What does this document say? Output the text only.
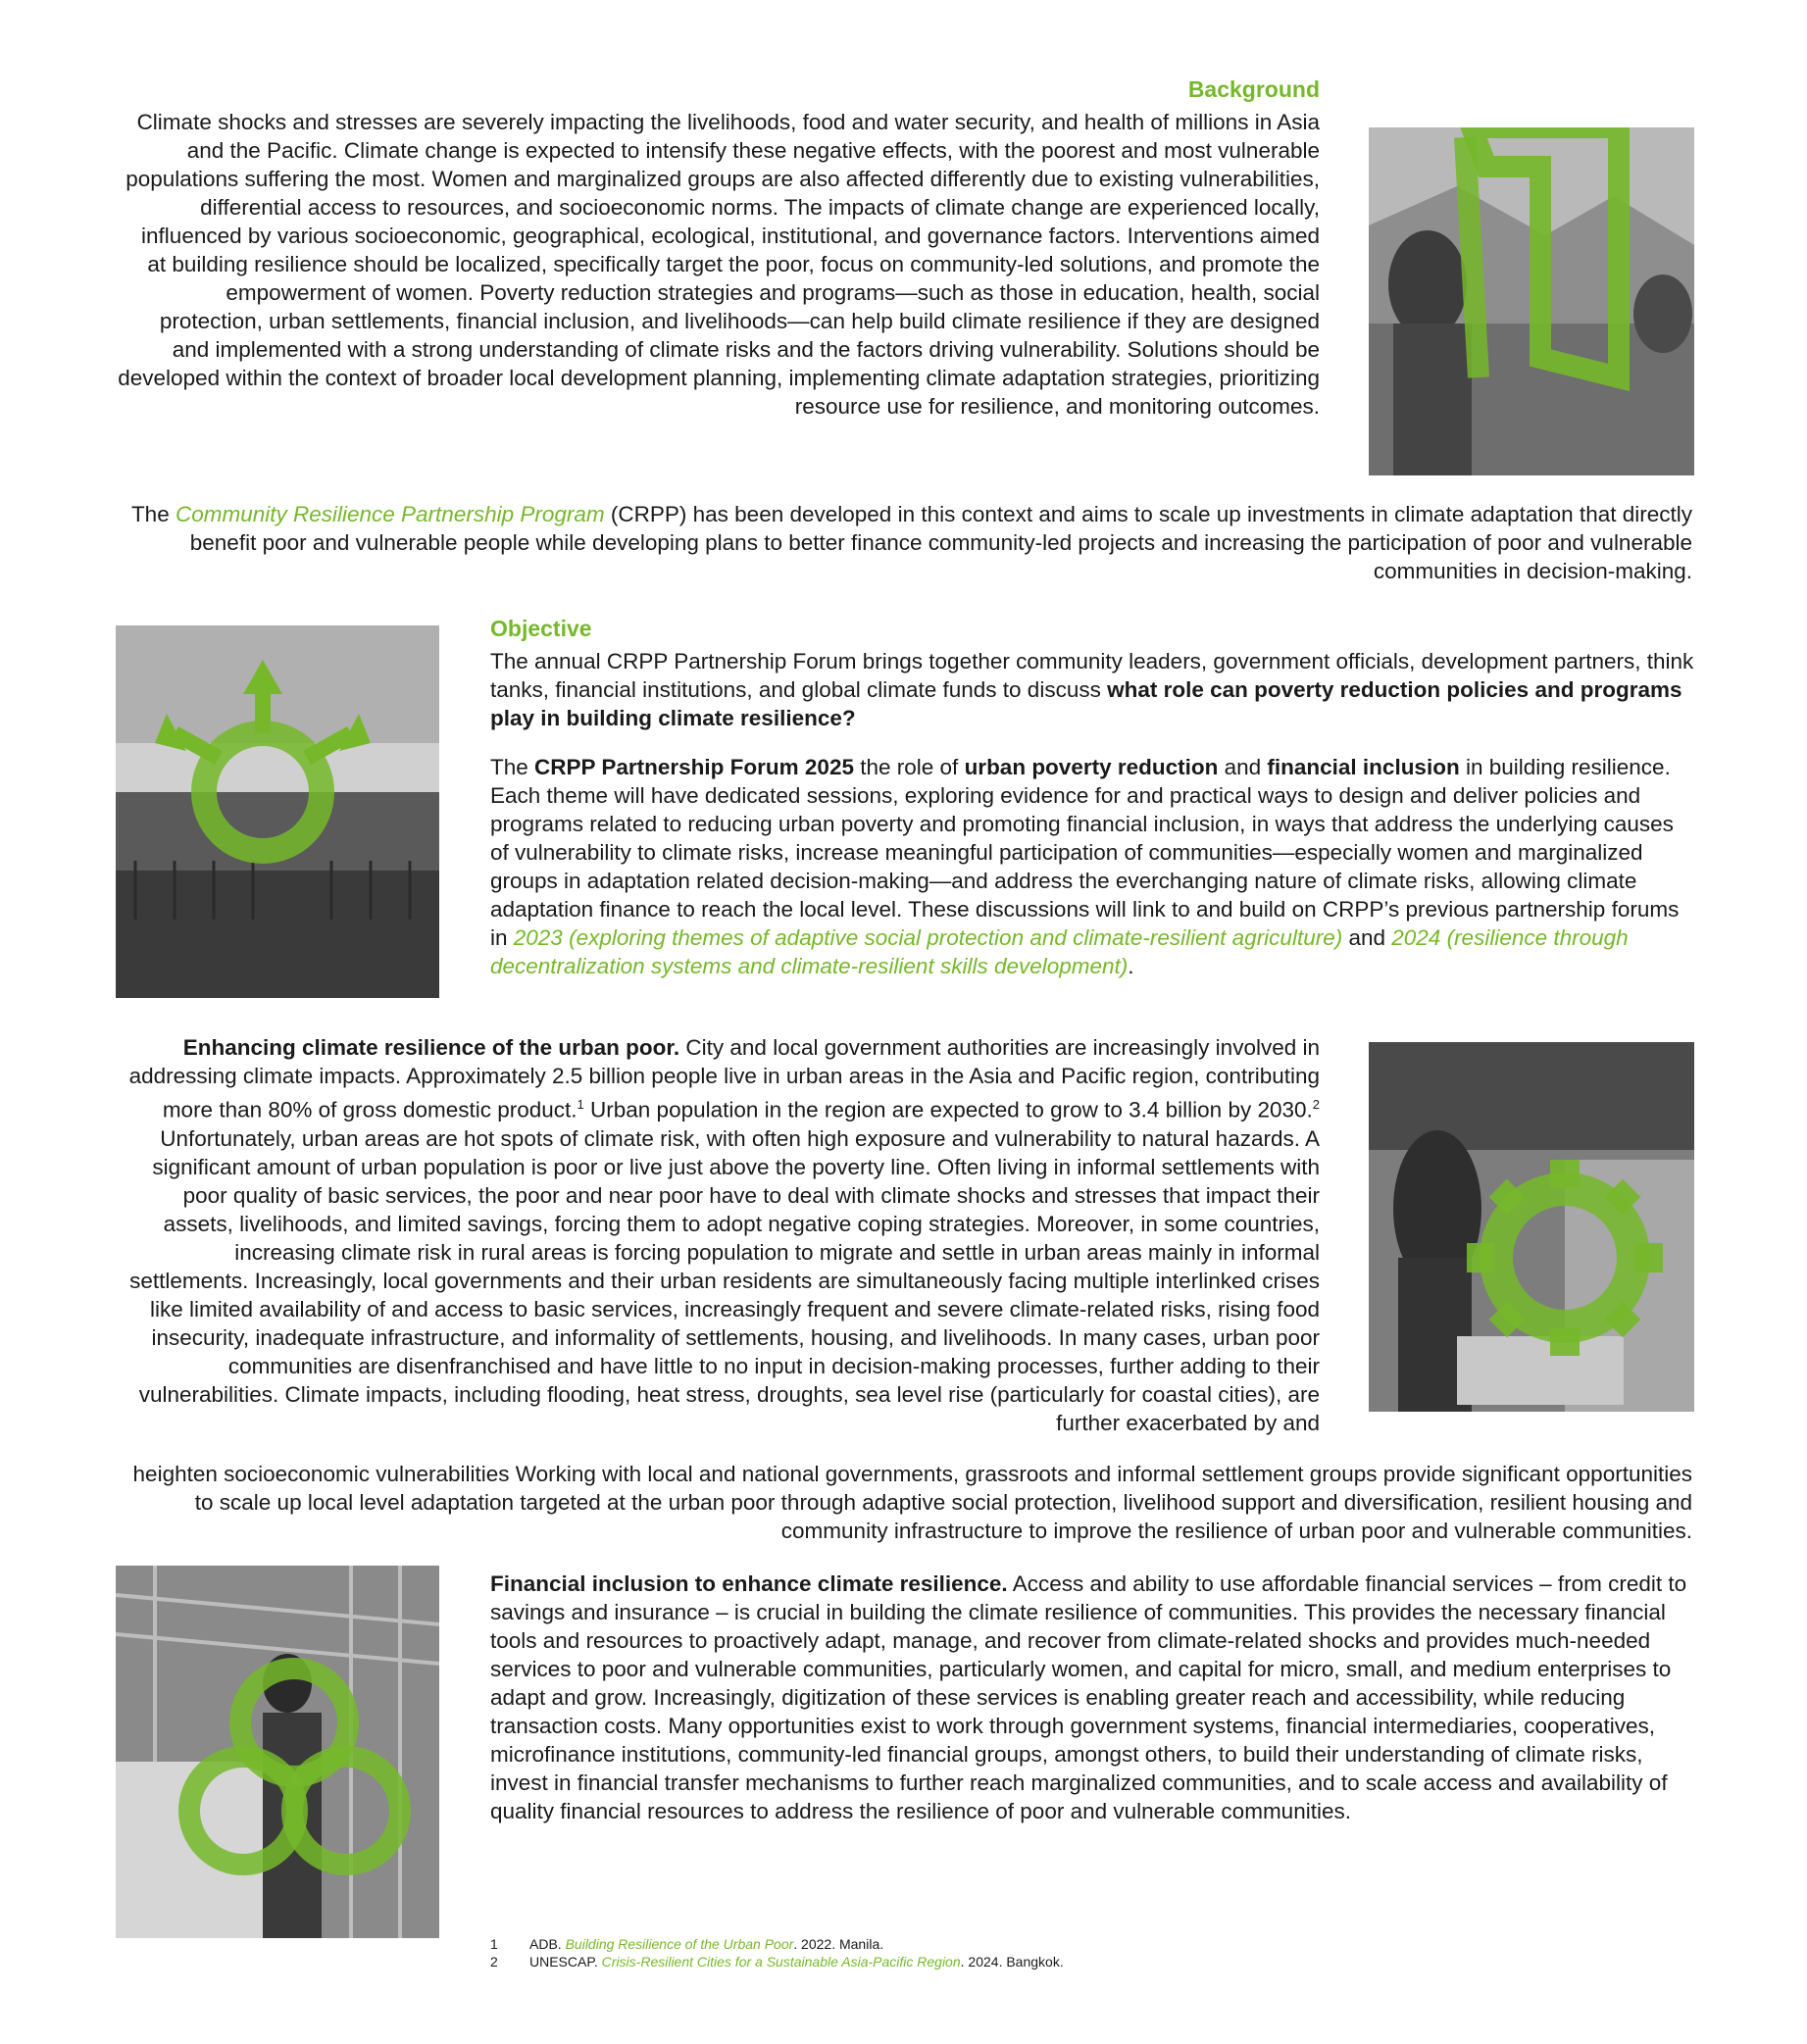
Background
Climate shocks and stresses are severely impacting the livelihoods, food and water security, and health of millions in Asia and the Pacific. Climate change is expected to intensify these negative effects, with the poorest and most vulnerable populations suffering the most. Women and marginalized groups are also affected differently due to existing vulnerabilities, differential access to resources, and socioeconomic norms. The impacts of climate change are experienced locally, influenced by various socioeconomic, geographical, ecological, institutional, and governance factors. Interventions aimed at building resilience should be localized, specifically target the poor, focus on community-led solutions, and promote the empowerment of women. Poverty reduction strategies and programs—such as those in education, health, social protection, urban settlements, financial inclusion, and livelihoods—can help build climate resilience if they are designed and implemented with a strong understanding of climate risks and the factors driving vulnerability. Solutions should be developed within the context of broader local development planning, implementing climate adaptation strategies, prioritizing resource use for resilience, and monitoring outcomes.
The Community Resilience Partnership Program (CRPP) has been developed in this context and aims to scale up investments in climate adaptation that directly benefit poor and vulnerable people while developing plans to better finance community-led projects and increasing the participation of poor and vulnerable communities in decision-making.
Objective
The annual CRPP Partnership Forum brings together community leaders, government officials, development partners, think tanks, financial institutions, and global climate funds to discuss what role can poverty reduction policies and programs play in building climate resilience?
The CRPP Partnership Forum 2025 the role of urban poverty reduction and financial inclusion in building resilience. Each theme will have dedicated sessions, exploring evidence for and practical ways to design and deliver policies and programs related to reducing urban poverty and promoting financial inclusion, in ways that address the underlying causes of vulnerability to climate risks, increase meaningful participation of communities—especially women and marginalized groups in adaptation related decision-making—and address the everchanging nature of climate risks, allowing climate adaptation finance to reach the local level. These discussions will link to and build on CRPP’s previous partnership forums in 2023 (exploring themes of adaptive social protection and climate-resilient agriculture) and 2024 (resilience through decentralization systems and climate-resilient skills development).
Enhancing climate resilience of the urban poor. City and local government authorities are increasingly involved in addressing climate impacts. Approximately 2.5 billion people live in urban areas in the Asia and Pacific region, contributing more than 80% of gross domestic product.$^1$ Urban population in the region are expected to grow to 3.4 billion by 2030.$^2$ Unfortunately, urban areas are hot spots of climate risk, with often high exposure and vulnerability to natural hazards. A significant amount of urban population is poor or live just above the poverty line. Often living in informal settlements with poor quality of basic services, the poor and near poor have to deal with climate shocks and stresses that impact their assets, livelihoods, and limited savings, forcing them to adopt negative coping strategies. Moreover, in some countries, increasing climate risk in rural areas is forcing population to migrate and settle in urban areas mainly in informal settlements. Increasingly, local governments and their urban residents are simultaneously facing multiple interlinked crises like limited availability of and access to basic services, increasingly frequent and severe climate-related risks, rising food insecurity, inadequate infrastructure, and informality of settlements, housing, and livelihoods. In many cases, urban poor communities are disenfranchised and have little to no input in decision-making processes, further adding to their vulnerabilities. Climate impacts, including flooding, heat stress, droughts, sea level rise (particularly for coastal cities), are further exacerbated by and
heighten socioeconomic vulnerabilities Working with local and national governments, grassroots and informal settlement groups provide significant opportunities to scale up local level adaptation targeted at the urban poor through adaptive social protection, livelihood support and diversification, resilient housing and community infrastructure to improve the resilience of urban poor and vulnerable communities.
Financial inclusion to enhance climate resilience. Access and ability to use affordable financial services – from credit to savings and insurance – is crucial in building the climate resilience of communities. This provides the necessary financial tools and resources to proactively adapt, manage, and recover from climate-related shocks and provides much-needed services to poor and vulnerable communities, particularly women, and capital for micro, small, and medium enterprises to adapt and grow. Increasingly, digitization of these services is enabling greater reach and accessibility, while reducing transaction costs. Many opportunities exist to work through government systems, financial intermediaries, cooperatives, microfinance institutions, community-led financial groups, amongst others, to build their understanding of climate risks, invest in financial transfer mechanisms to further reach marginalized communities, and to scale access and availability of quality financial resources to address the resilience of poor and vulnerable communities.
1 ADB. Building Resilience of the Urban Poor. 2022. Manila.
2 UNESCAP. Crisis-Resilient Cities for a Sustainable Asia-Pacific Region. 2024. Bangkok.
